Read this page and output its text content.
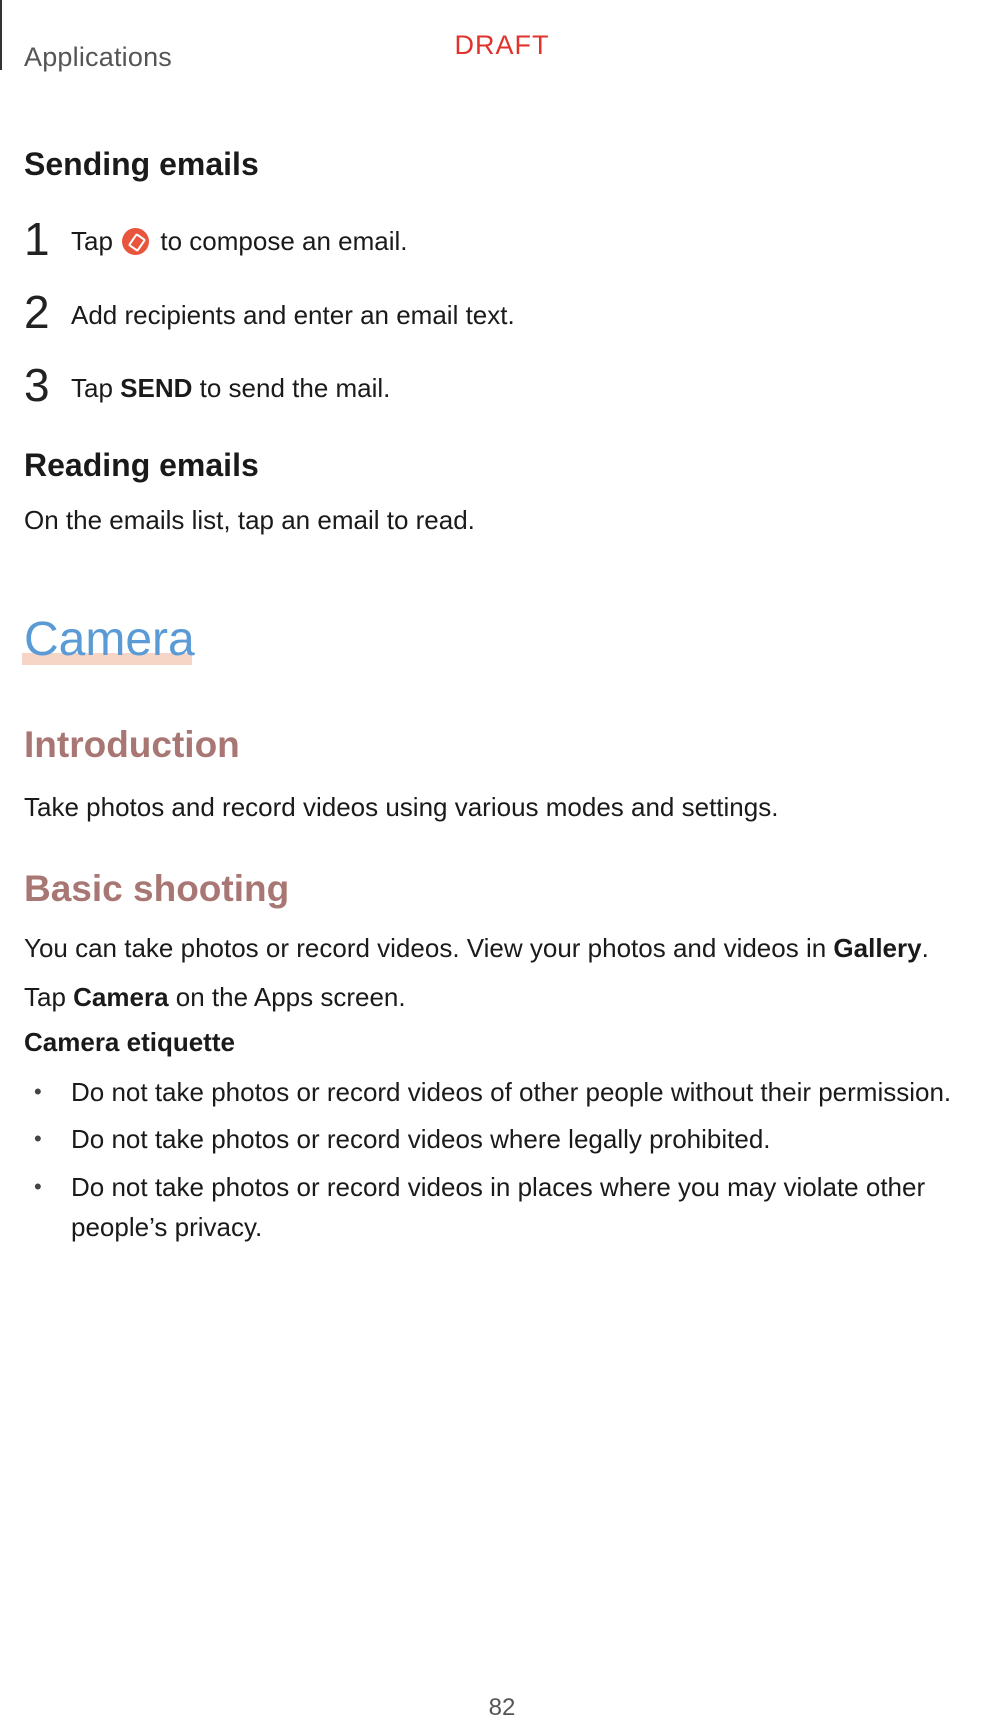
Applications	DRAFT
Sending emails
1 Tap  to compose an email.
2 Add recipients and enter an email text.
3 Tap SEND to send the mail.
Reading emails
On the emails list, tap an email to read.
Camera
Introduction
Take photos and record videos using various modes and settings.
Basic shooting
You can take photos or record videos. View your photos and videos in Gallery.
Tap Camera on the Apps screen.
Camera etiquette
• Do not take photos or record videos of other people without their permission.
• Do not take photos or record videos where legally prohibited.
• Do not take photos or record videos in places where you may violate other people’s privacy.
82
